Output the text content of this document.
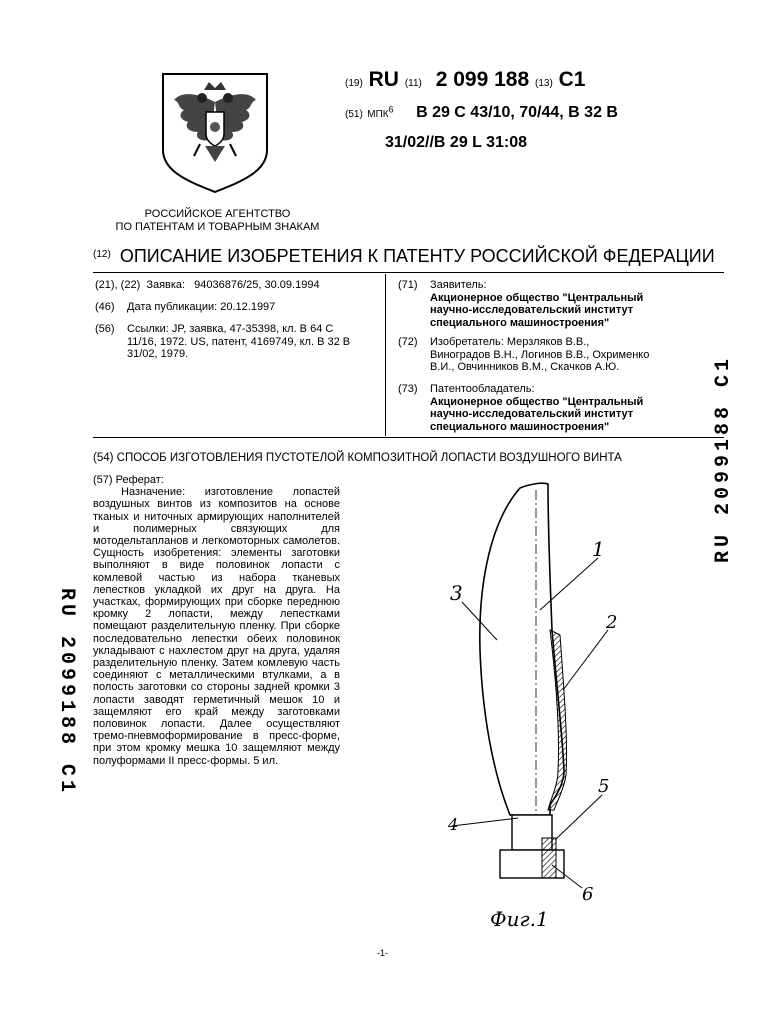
(19) RU (11) 2 099 188 (13) C1
(51) МПК$^6$ B 29 C 43/10, 70/44, B 32 B
31/02//B 29 L 31:08
РОССИЙСКОЕ АГЕНТСТВО
ПО ПАТЕНТАМ И ТОВАРНЫМ ЗНАКАМ
$^{(12)}$ ОПИСАНИЕ ИЗОБРЕТЕНИЯ К ПАТЕНТУ РОССИЙСКОЙ ФЕДЕРАЦИИ
(21), (22) Заявка: 94036876/25, 30.09.1994
(46) Дата публикации: 20.12.1997
(56) Ссылки: JP, заявка, 47-35398, кл. В 64 С
11/16, 1972. US, патент, 4169749, кл. В 32 В
31/02, 1979.
(71) Заявитель:
Акционерное общество "Центральный
научно-исследовательский институт
специального машиностроения"
(72) Изобретатель: Мерзляков В.В.,
Виноградов В.Н., Логинов В.В., Охрименко
В.И., Овчинников В.М., Скачков А.Ю.
(73) Патентообладатель:
Акционерное общество "Центральный
научно-исследовательский институт
специального машиностроения"
(54) СПОСОБ ИЗГОТОВЛЕНИЯ ПУСТОТЕЛОЙ КОМПОЗИТНОЙ ЛОПАСТИ ВОЗДУШНОГО ВИНТА
(57) Реферат:
Назначение: изготовление лопастей воздушных винтов из композитов на основе тканых и ниточных армирующих наполнителей и полимерных связующих для мотодельтапланов и легкомоторных самолетов. Сущность изобретения: элементы заготовки выполняют в виде половинок лопасти с комлевой частью из набора тканевых лепестков укладкой их друг на друга. На участках, формирующих при сборке переднюю кромку 2 лопасти, между лепестками помещают разделительную пленку. При сборке последовательно лепестки обеих половинок укладывают с нахлестом друг на друга, удаляя разделительную пленку. Затем комлевую часть соединяют с металлическими втулками, а в полость заготовки со стороны задней кромки 3 лопасти заводят герметичный мешок 10 и защемляют его край между заготовками половинок лопасти. Далее осуществляют тремо-пневмоформирование в пресс-форме, при этом кромку мешка 10 защемляют между полуформами II пресс-формы. 5 ил.
RU 2099188 C1
RU 2099188 C1
1
2
3
4
5
6
Фиг.1
-1-
